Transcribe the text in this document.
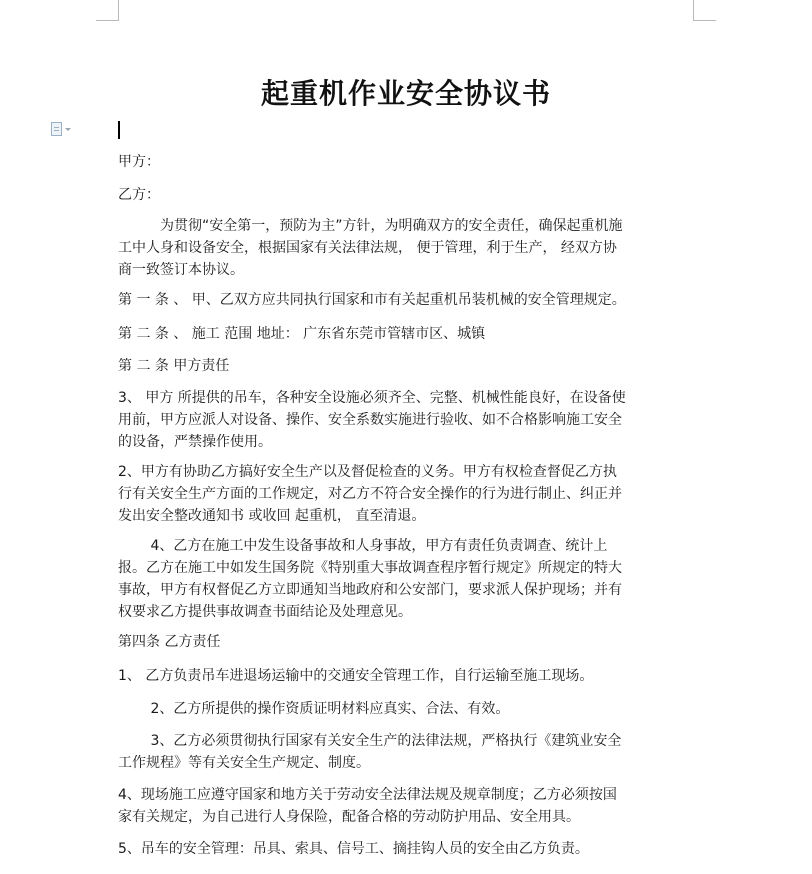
起重机作业安全协议书
甲方：
乙方：
　　　为贯彻“安全第一，预防为主”方针，为明确双方的安全责任，确保起重机施
工中人身和设备安全，根据国家有关法律法规， 便于管理，利于生产， 经双方协
商一致签订本协议。
第 一 条 、 甲、乙双方应共同执行国家和市有关起重机吊装机械的安全管理规定。
第 二 条 、 施工 范围 地址： 广东省东莞市管辖市区、城镇
第 二 条 甲方责任
3、 甲方 所提供的吊车，各种安全设施必须齐全、完整、机械性能良好，在设备使
用前，甲方应派人对设备、操作、安全系数实施进行验收、如不合格影响施工安全
的设备，严禁操作使用。
2、甲方有协助乙方搞好安全生产以及督促检查的义务。甲方有权检查督促乙方执
行有关安全生产方面的工作规定，对乙方不符合安全操作的行为进行制止、纠正并
发出安全整改通知书 或收回 起重机， 直至清退。
　　 4、乙方在施工中发生设备事故和人身事故，甲方有责任负责调查、统计上
报。乙方在施工中如发生国务院《特别重大事故调查程序暂行规定》所规定的特大
事故，甲方有权督促乙方立即通知当地政府和公安部门，要求派人保护现场；并有
权要求乙方提供事故调查书面结论及处理意见。
第四条 乙方责任
1、 乙方负责吊车进退场运输中的交通安全管理工作，自行运输至施工现场。
　　 2、乙方所提供的操作资质证明材料应真实、合法、有效。
　　 3、乙方必须贯彻执行国家有关安全生产的法律法规，严格执行《建筑业安全
工作规程》等有关安全生产规定、制度。
4、现场施工应遵守国家和地方关于劳动安全法律法规及规章制度；乙方必须按国
家有关规定，为自己进行人身保险，配备合格的劳动防护用品、安全用具。
5、吊车的安全管理：吊具、索具、信号工、摘挂钩人员的安全由乙方负责。
